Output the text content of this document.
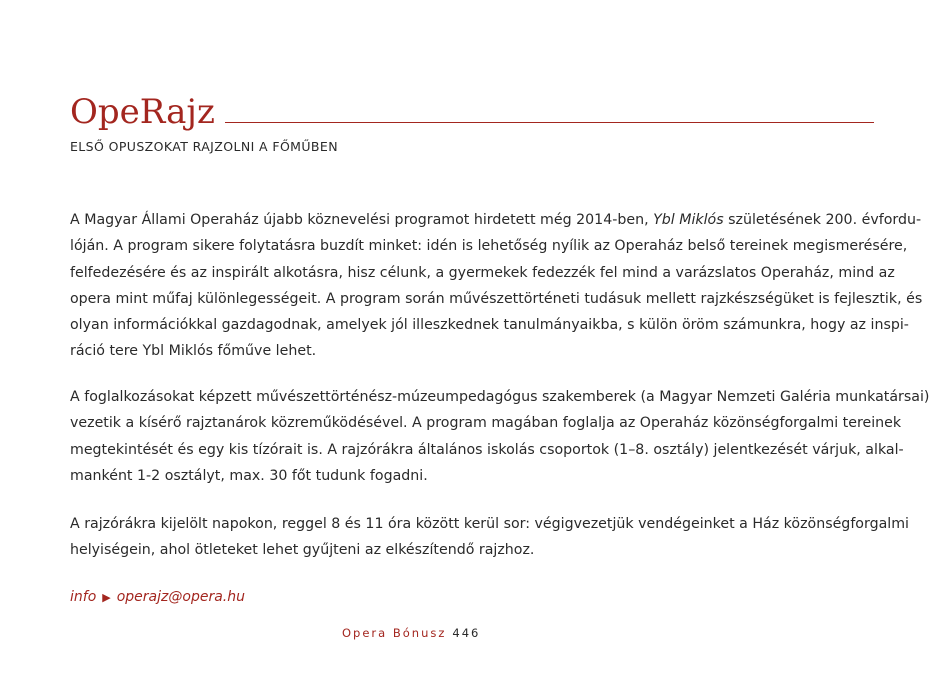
OpeRajz
ELSŐ OPUSZOKAT RAJZOLNI A FŐMŰBEN

A Magyar Állami Operaház újabb köznevelési programot hirdetett még 2014-ben, Ybl Miklós születésének 200. évfordu-
lóján. A program sikere folytatásra buzdít minket: idén is lehetőség nyílik az Operaház belső tereinek megismerésére,
felfedezésére és az inspirált alkotásra, hisz célunk, a gyermekek fedezzék fel mind a varázslatos Operaház, mind az
opera mint műfaj különlegességeit. A program során művészettörténeti tudásuk mellett rajzkészségüket is fejlesztik, és
olyan információkkal gazdagodnak, amelyek jól illeszkednek tanulmányaikba, s külön öröm számunkra, hogy az inspi-
ráció tere Ybl Miklós főműve lehet.

A foglalkozásokat képzett művészettörténész-múzeumpedagógus szakemberek (a Magyar Nemzeti Galéria munkatársai)
vezetik a kísérő rajztanárok közreműködésével. A program magában foglalja az Operaház közönségforgalmi tereinek
megtekintését és egy kis tízórait is. A rajzórákra általános iskolás csoportok (1–8. osztály) jelentkezését várjuk, alkal-
manként 1-2 osztályt, max. 30 főt tudunk fogadni.

A rajzórákra kijelölt napokon, reggel 8 és 11 óra között kerül sor: végigvezetjük vendégeinket a Ház közönségforgalmi
helyiségein, ahol ötleteket lehet gyűjteni az elkészítendő rajzhoz.

info ▶ operajz@opera.hu
Opera Bónusz 446
